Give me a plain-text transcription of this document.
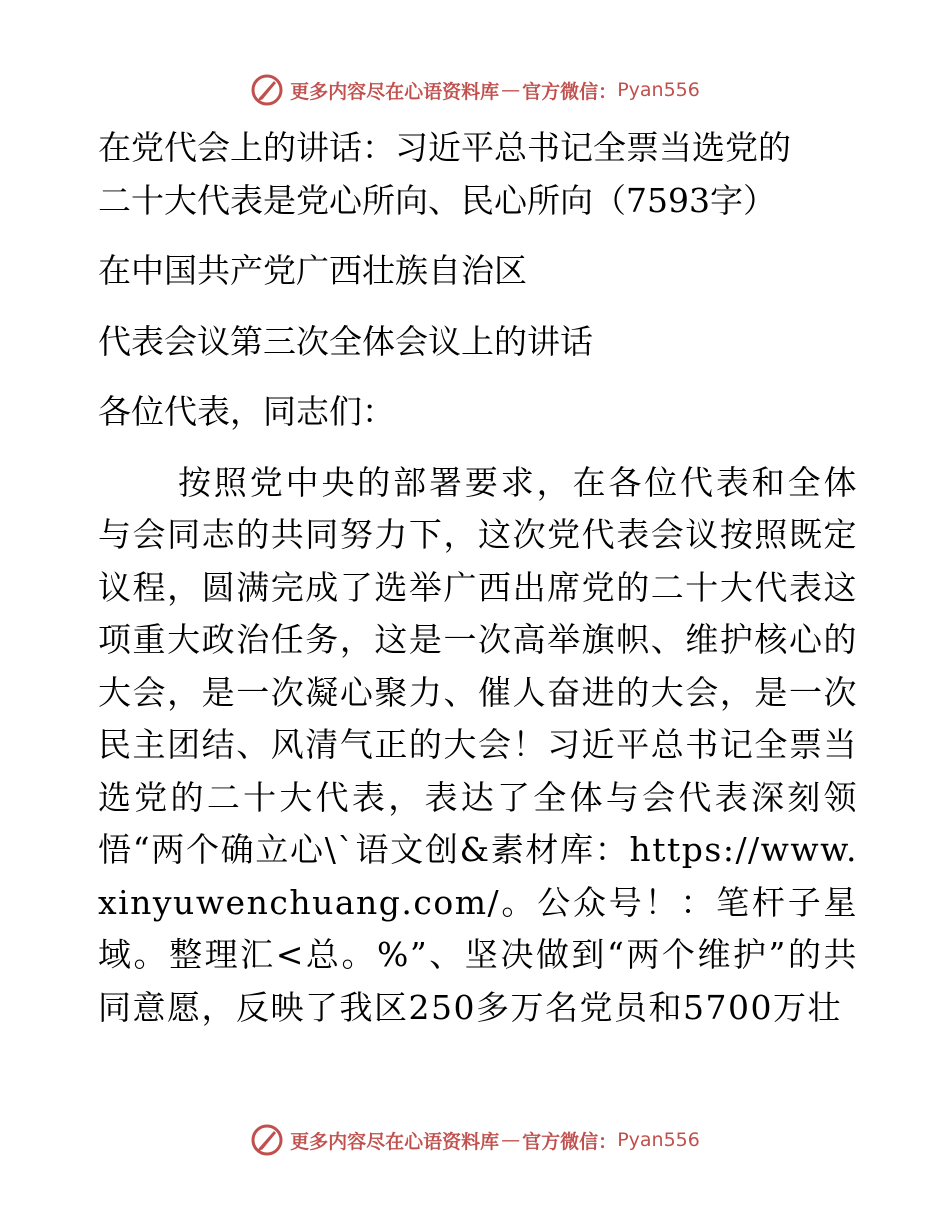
更多内容尽在心语资料库 — 官方微信： Pyan556

在党代会上的讲话：习近平总书记全票当选党的

二十大代表是党心所向、民心所向（7593字）

在中国共产党广西壮族自治区

代表会议第三次全体会议上的讲话

各位代表，同志们：

按照党中央的部署要求，在各位代表和全体与会同志的共同努力下，这次党代表会议按照既定议程，圆满完成了选举广西出席党的二十大代表这项重大政治任务，这是一次高举旗帜、维护核心的大会，是一次凝心聚力、催人奋进的大会，是一次民主团结、风清气正的大会！习近平总书记全票当选党的二十大代表，表达了全体与会代表深刻领悟“两个确立心\`语文创&素材库：https://www.xinyuwenchuang.com/。公众号！：笔杆子星域。整理汇<总。%”、坚决做到“两个维护”的共同意愿，反映了我区250多万名党员和5700万壮

更多内容尽在心语资料库 — 官方微信： Pyan556
